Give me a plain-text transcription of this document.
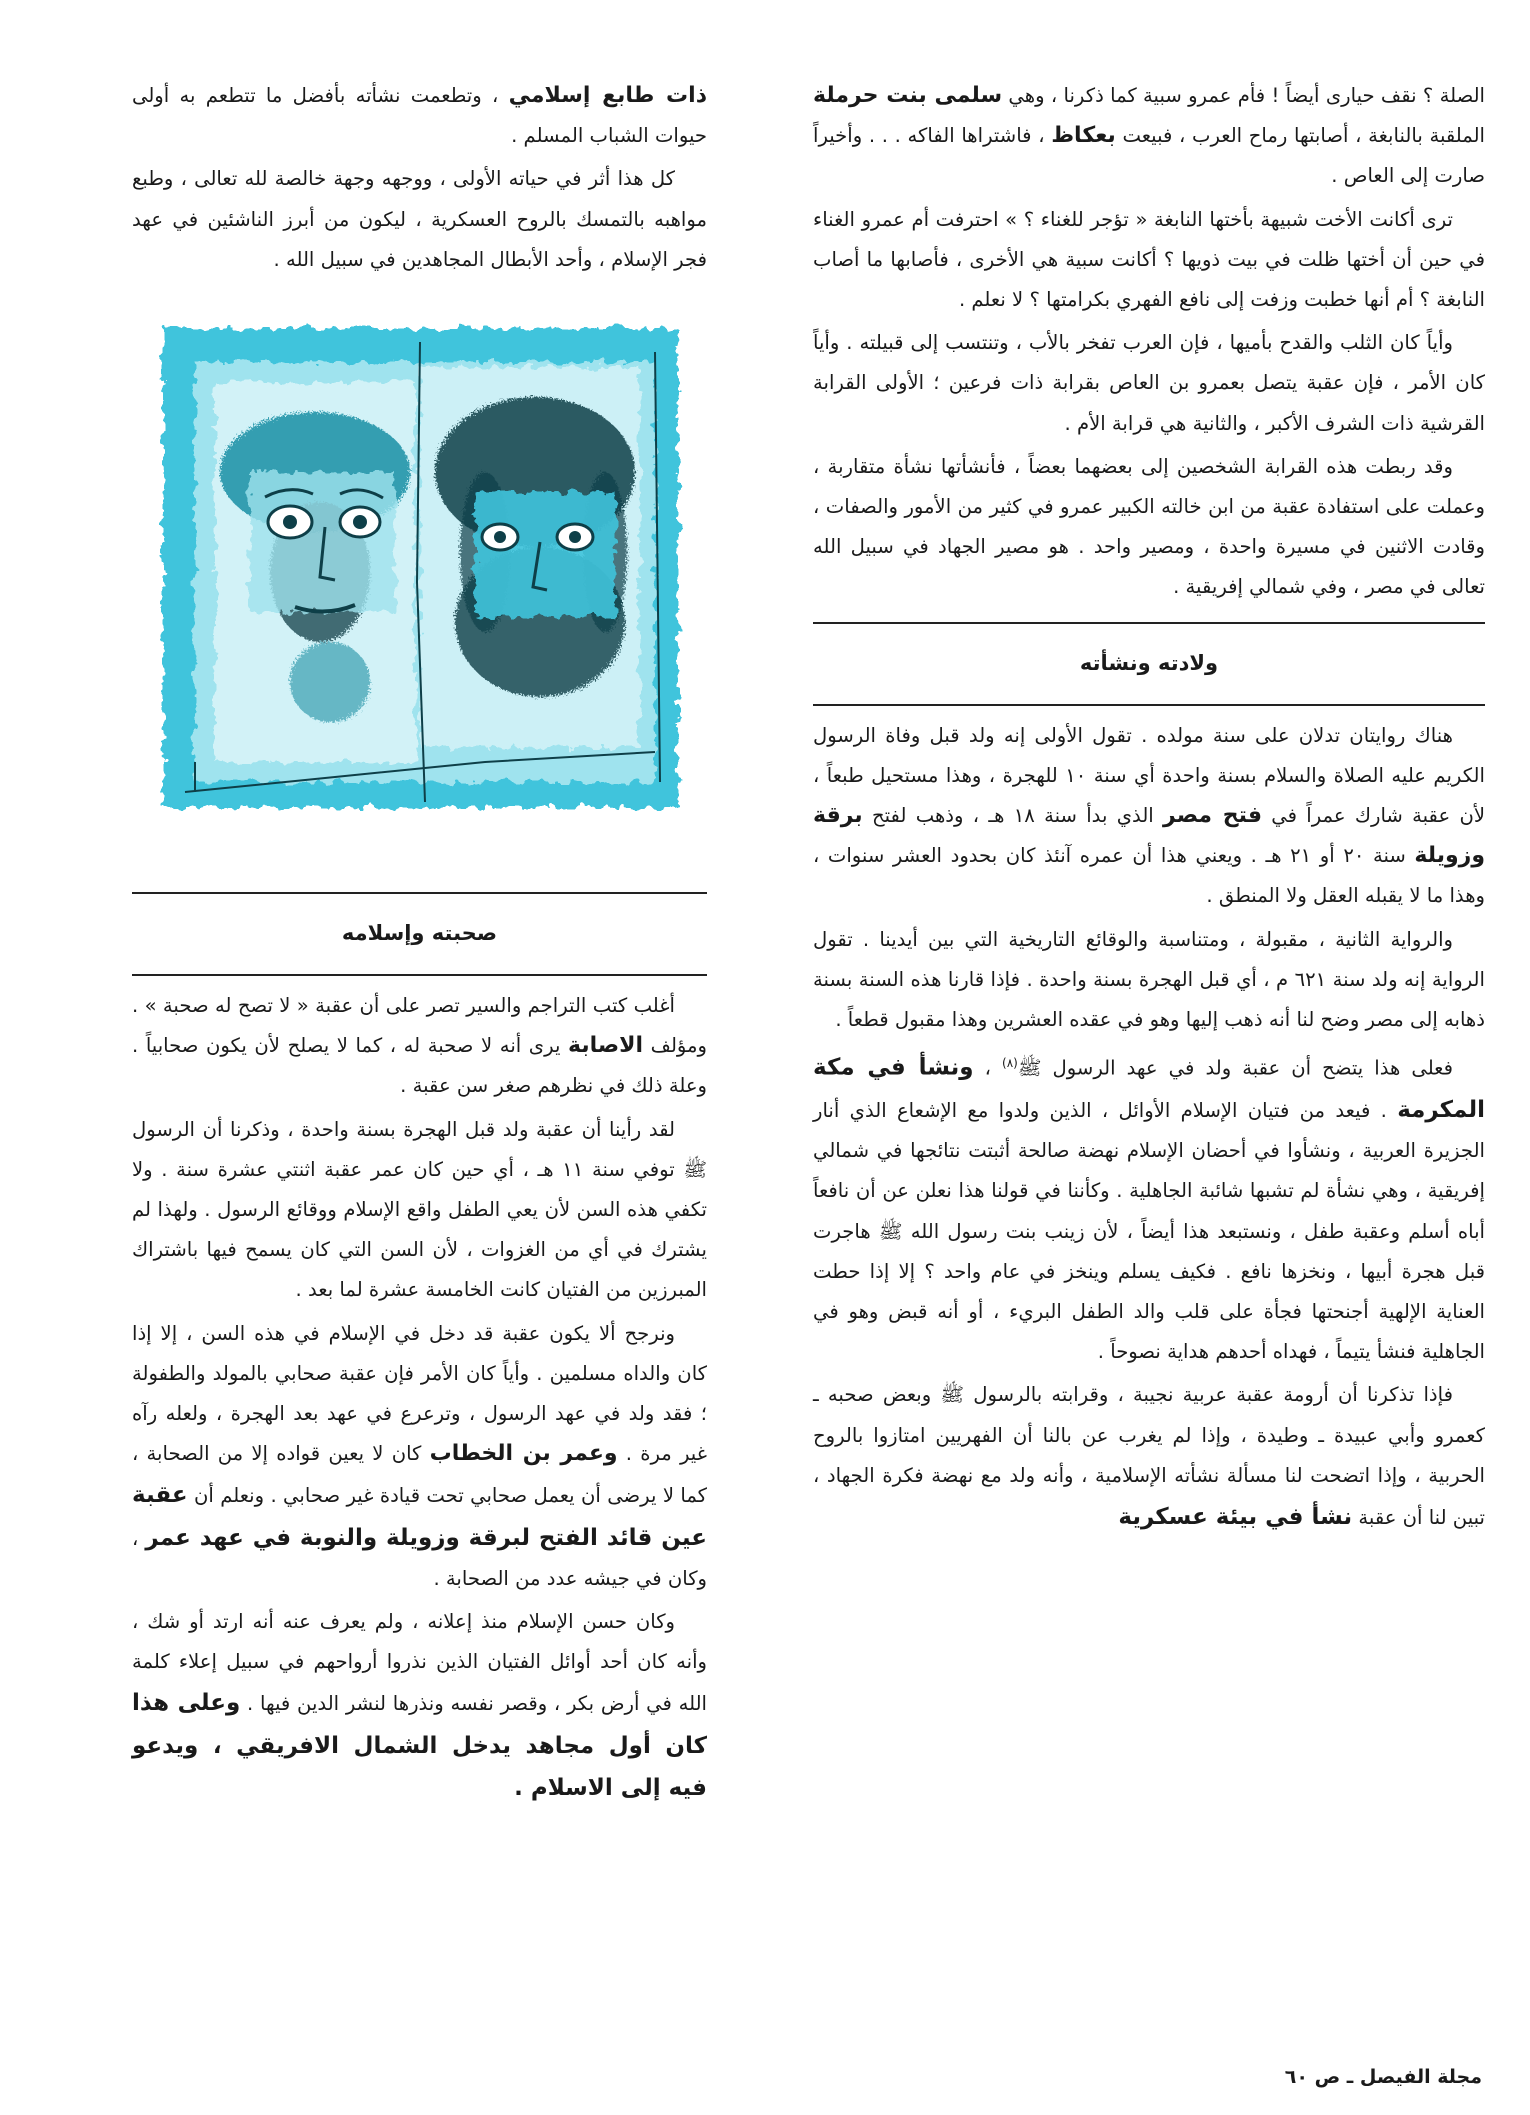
الصلة ؟ نقف حيارى أيضاً ! فأم عمرو سبية كما ذكرنا ، وهي سلمى بنت حرملة الملقبة بالنابغة ، أصابتها رماح العرب ، فبيعت بعكاظ ، فاشتراها الفاكه . . . وأخيراً صارت إلى العاص .

ترى أكانت الأخت شبيهة بأختها النابغة « تؤجر للغناء ؟ » احترفت أم عمرو الغناء في حين أن أختها ظلت في بيت ذويها ؟ أكانت سبية هي الأخرى ، فأصابها ما أصاب النابغة ؟ أم أنها خطبت وزفت إلى نافع الفهري بكرامتها ؟ لا نعلم .

وأياً كان الثلب والقدح بأميها ، فإن العرب تفخر بالأب ، وتنتسب إلى قبيلته . وأياً كان الأمر ، فإن عقبة يتصل بعمرو بن العاص بقرابة ذات فرعين ؛ الأولى القرابة القرشية ذات الشرف الأكبر ، والثانية هي قرابة الأم .

وقد ربطت هذه القرابة الشخصين إلى بعضهما بعضاً ، فأنشأتها نشأة متقاربة ، وعملت على استفادة عقبة من ابن خالته الكبير عمرو في كثير من الأمور والصفات ، وقادت الاثنين في مسيرة واحدة ، ومصير واحد . هو مصير الجهاد في سبيل الله تعالى في مصر ، وفي شمالي إفريقية .

ولادته ونشأته

هناك روايتان تدلان على سنة مولده . تقول الأولى إنه ولد قبل وفاة الرسول الكريم عليه الصلاة والسلام بسنة واحدة أي سنة ١٠ للهجرة ، وهذا مستحيل طبعاً ، لأن عقبة شارك عمراً في فتح مصر الذي بدأ سنة ١٨ هـ ، وذهب لفتح برقة وزويلة سنة ٢٠ أو ٢١ هـ . ويعني هذا أن عمره آنئذ كان بحدود العشر سنوات ، وهذا ما لا يقبله العقل ولا المنطق .

والرواية الثانية ، مقبولة ، ومتناسبة والوقائع التاريخية التي بين أيدينا . تقول الرواية إنه ولد سنة ٦٢١ م ، أي قبل الهجرة بسنة واحدة . فإذا قارنا هذه السنة بسنة ذهابه إلى مصر وضح لنا أنه ذهب إليها وهو في عقده العشرين وهذا مقبول قطعاً .

فعلى هذا يتضح أن عقبة ولد في عهد الرسول ﷺ$^{(٨)}$ ، ونشأ في مكة المكرمة . فيعد من فتيان الإسلام الأوائل ، الذين ولدوا مع الإشعاع الذي أنار الجزيرة العربية ، ونشأوا في أحضان الإسلام نهضة صالحة أثبتت نتائجها في شمالي إفريقية ، وهي نشأة لم تشبها شائبة الجاهلية . وكأننا في قولنا هذا نعلن عن أن نافعاً أباه أسلم وعقبة طفل ، ونستبعد هذا أيضاً ، لأن زينب بنت رسول الله ﷺ هاجرت قبل هجرة أبيها ، ونخزها نافع . فكيف يسلم وينخز في عام واحد ؟ إلا إذا حطت العناية الإلهية أجنحتها فجأة على قلب والد الطفل البريء ، أو أنه قبض وهو في الجاهلية فنشأ يتيماً ، فهداه أحدهم هداية نصوحاً .

فإذا تذكرنا أن أرومة عقبة عربية نجيبة ، وقرابته بالرسول ﷺ وبعض صحبه ـ كعمرو وأبي عبيدة ـ وطيدة ، وإذا لم يغرب عن بالنا أن الفهريين امتازوا بالروح الحربية ، وإذا اتضحت لنا مسألة نشأته الإسلامية ، وأنه ولد مع نهضة فكرة الجهاد ، تبين لنا أن عقبة نشأ في بيئة عسكرية

ذات طابع إسلامي ، وتطعمت نشأته بأفضل ما تتطعم به أولى حيوات الشباب المسلم .

كل هذا أثر في حياته الأولى ، ووجهه وجهة خالصة لله تعالى ، وطبع مواهبه بالتمسك بالروح العسكرية ، ليكون من أبرز الناشئين في عهد فجر الإسلام ، وأحد الأبطال المجاهدين في سبيل الله .

صحبته وإسلامه

أغلب كتب التراجم والسير تصر على أن عقبة « لا تصح له صحبة » . ومؤلف الاصابة يرى أنه لا صحبة له ، كما لا يصلح لأن يكون صحابياً . وعلة ذلك في نظرهم صغر سن عقبة .

لقد رأينا أن عقبة ولد قبل الهجرة بسنة واحدة ، وذكرنا أن الرسول ﷺ توفي سنة ١١ هـ ، أي حين كان عمر عقبة اثنتي عشرة سنة . ولا تكفي هذه السن لأن يعي الطفل واقع الإسلام ووقائع الرسول . ولهذا لم يشترك في أي من الغزوات ، لأن السن التي كان يسمح فيها باشتراك المبرزين من الفتيان كانت الخامسة عشرة لما بعد .

ونرجح ألا يكون عقبة قد دخل في الإسلام في هذه السن ، إلا إذا كان والداه مسلمين . وأياً كان الأمر فإن عقبة صحابي بالمولد والطفولة ؛ فقد ولد في عهد الرسول ، وترعرع في عهد بعد الهجرة ، ولعله رآه غير مرة . وعمر بن الخطاب كان لا يعين قواده إلا من الصحابة ، كما لا يرضى أن يعمل صحابي تحت قيادة غير صحابي . ونعلم أن عقبة عين قائد الفتح لبرقة وزويلة والنوبة في عهد عمر ، وكان في جيشه عدد من الصحابة .

وكان حسن الإسلام منذ إعلانه ، ولم يعرف عنه أنه ارتد أو شك ، وأنه كان أحد أوائل الفتيان الذين نذروا أرواحهم في سبيل إعلاء كلمة الله في أرض بكر ، وقصر نفسه ونذرها لنشر الدين فيها . وعلى هذا كان أول مجاهد يدخل الشمال الافريقي ، ويدعو فيه إلى الاسلام .

مجلة الفيصل ـ ص ٦٠
